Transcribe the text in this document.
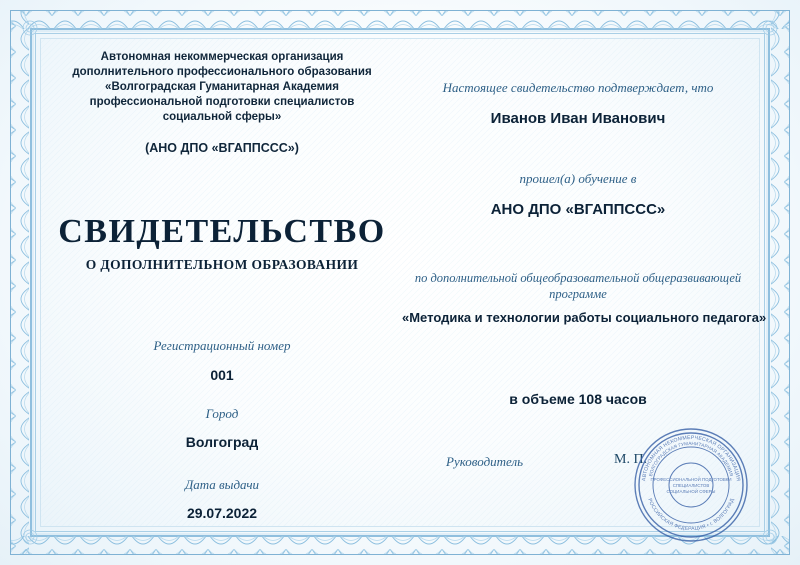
Автономная некоммерческая организация дополнительного профессионального образования «Волгоградская Гуманитарная Академия профессиональной подготовки специалистов социальной сферы»
(АНО ДПО «ВГАППССС»)
СВИДЕТЕЛЬСТВО
О ДОПОЛНИТЕЛЬНОМ ОБРАЗОВАНИИ
Регистрационный номер
001
Город
Волгоград
Дата выдачи
29.07.2022
Настоящее свидетельство подтверждает, что
Иванов Иван Иванович
прошел(а) обучение в
АНО ДПО «ВГАППССС»
по дополнительной общеобразовательной общеразвивающей программе
«Методика и технологии работы социального педагога»
в объеме 108 часов
Руководитель	М. П.
АВТОНОМНАЯ НЕКОММЕРЧЕСКАЯ ОРГАНИЗАЦИЯ
ВОЛГОГРАДСКАЯ ГУМАНИТАРНАЯ АКАДЕМИЯ
РОССИЙСКАЯ ФЕДЕРАЦИЯ • г. ВОЛГОГРАД
ПРОФЕССИОНАЛЬНОЙ ПОДГОТОВКИ
СПЕЦИАЛИСТОВ
СОЦИАЛЬНОЙ СФЕРЫ
